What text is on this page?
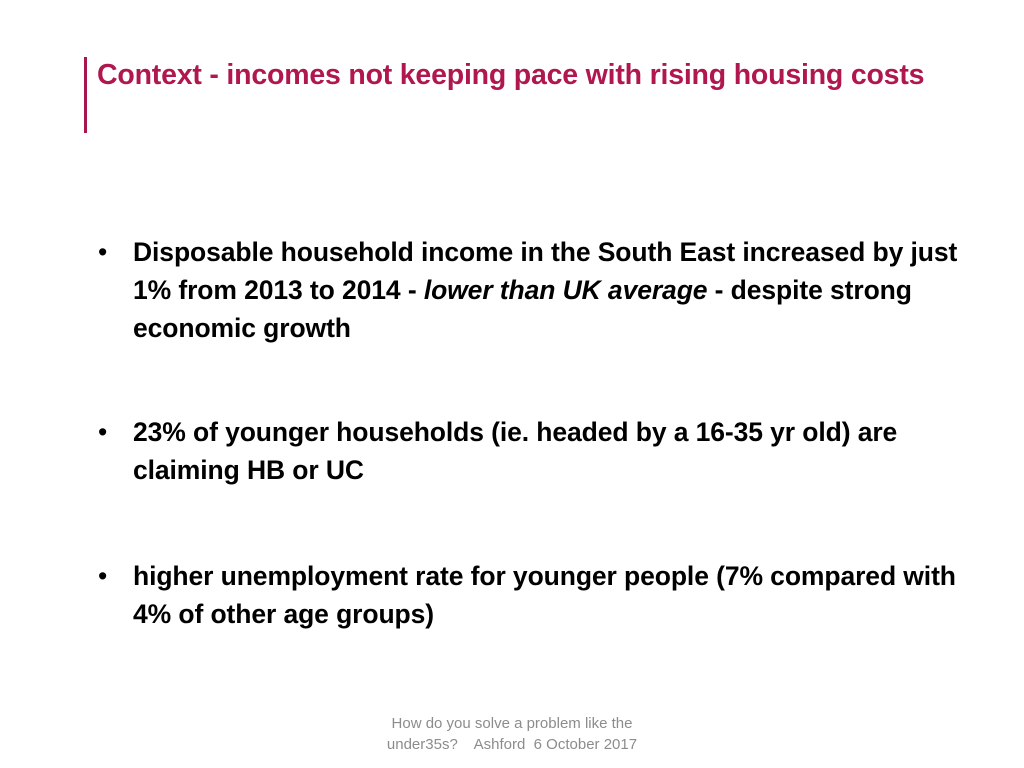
Context - incomes not keeping pace with rising housing costs
• Disposable household income in the South East increased by just 1% from 2013 to 2014 - lower than UK average - despite strong economic growth
• 23% of younger households (ie. headed by a 16-35 yr old) are claiming HB or UC
• higher unemployment rate for younger people (7% compared with 4% of other age groups)
How do you solve a problem like the
under35s?    Ashford  6 October 2017
